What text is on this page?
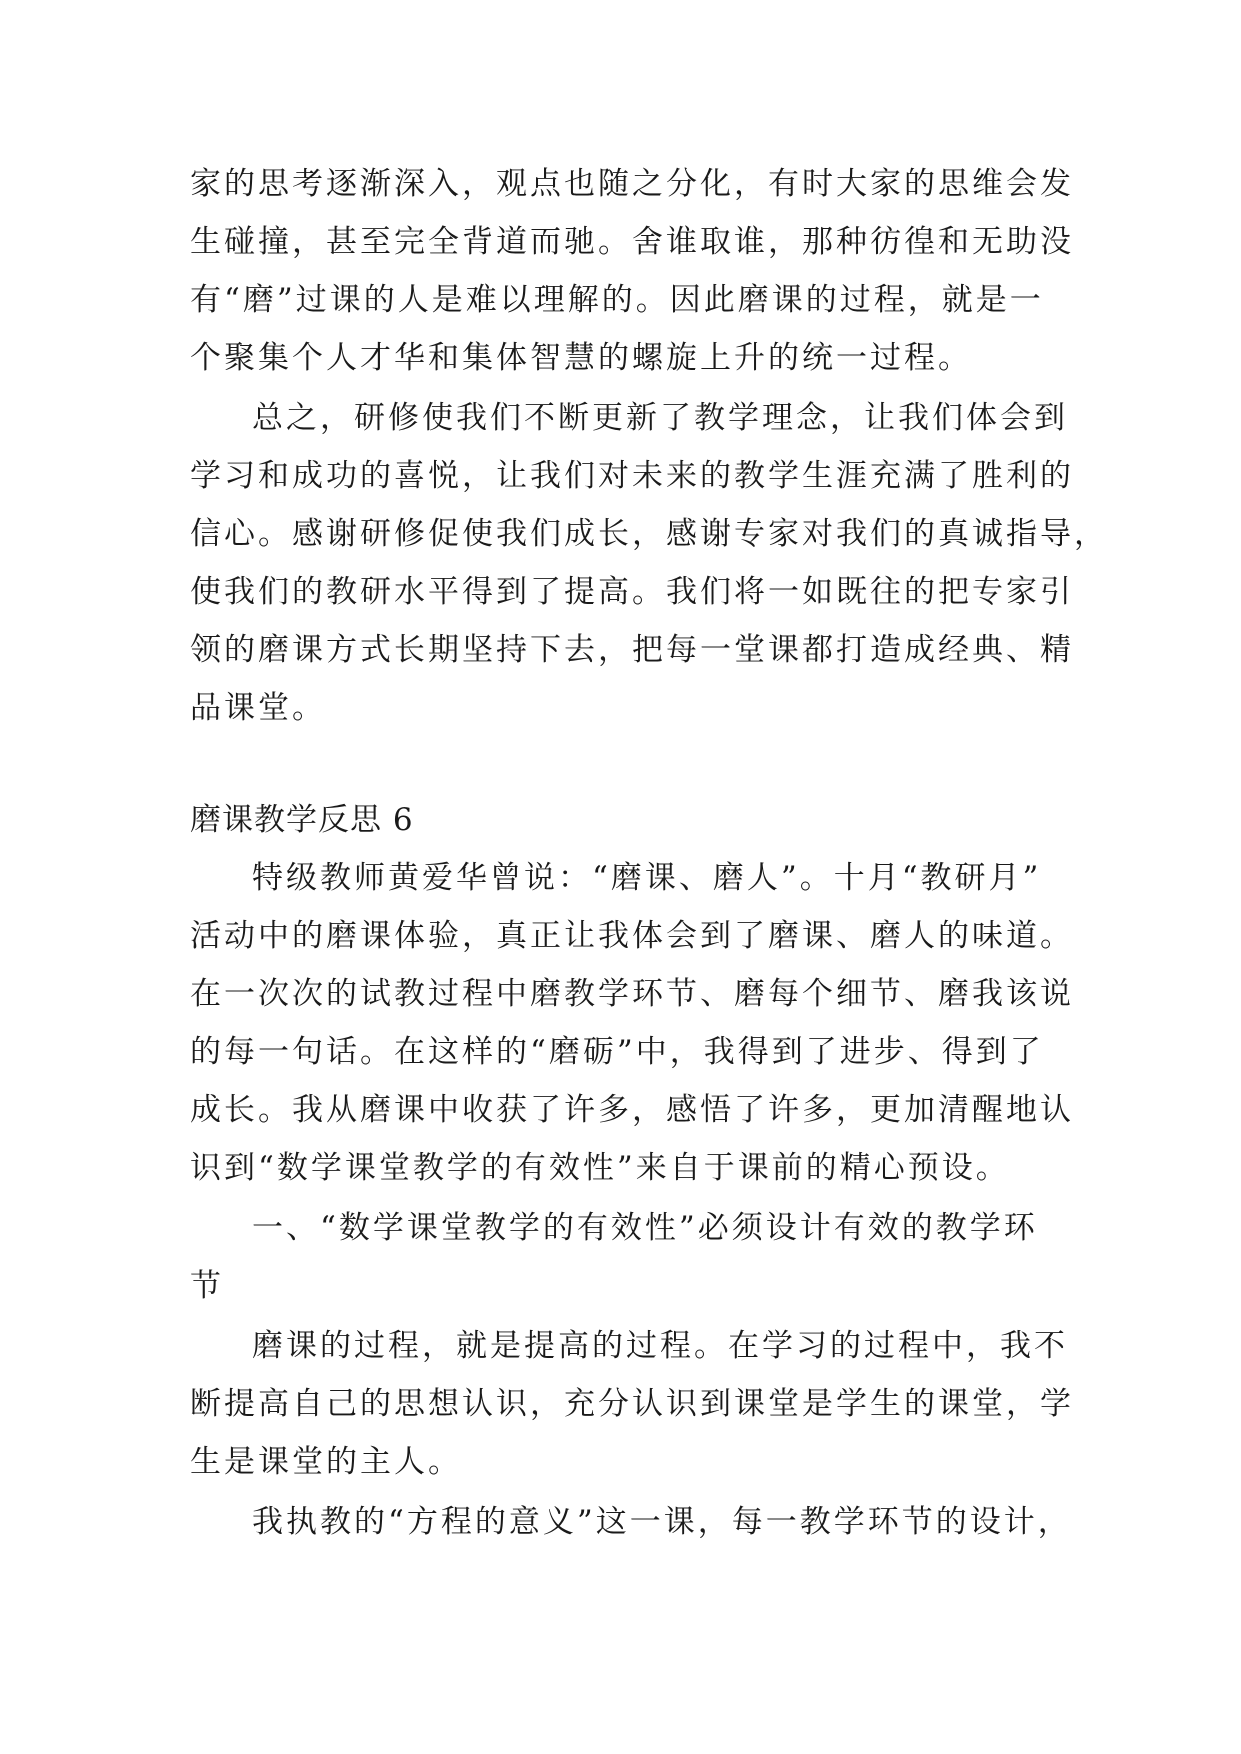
家的思考逐渐深入，观点也随之分化，有时大家的思维会发
生碰撞，甚至完全背道而驰。舍谁取谁，那种彷徨和无助没
有“磨”过课的人是难以理解的。因此磨课的过程，就是一
个聚集个人才华和集体智慧的螺旋上升的统一过程。
总之，研修使我们不断更新了教学理念，让我们体会到
学习和成功的喜悦，让我们对未来的教学生涯充满了胜利的
信心。感谢研修促使我们成长，感谢专家对我们的真诚指导，
使我们的教研水平得到了提高。我们将一如既往的把专家引
领的磨课方式长期坚持下去，把每一堂课都打造成经典、精
品课堂。
磨课教学反思 6
特级教师黄爱华曾说：“磨课、磨人”。十月“教研月”
活动中的磨课体验，真正让我体会到了磨课、磨人的味道。
在一次次的试教过程中磨教学环节、磨每个细节、磨我该说
的每一句话。在这样的“磨砺”中，我得到了进步、得到了
成长。我从磨课中收获了许多，感悟了许多，更加清醒地认
识到“数学课堂教学的有效性”来自于课前的精心预设。
一、“数学课堂教学的有效性”必须设计有效的教学环
节
磨课的过程，就是提高的过程。在学习的过程中，我不
断提高自己的思想认识，充分认识到课堂是学生的课堂，学
生是课堂的主人。
我执教的“方程的意义”这一课，每一教学环节的设计，
